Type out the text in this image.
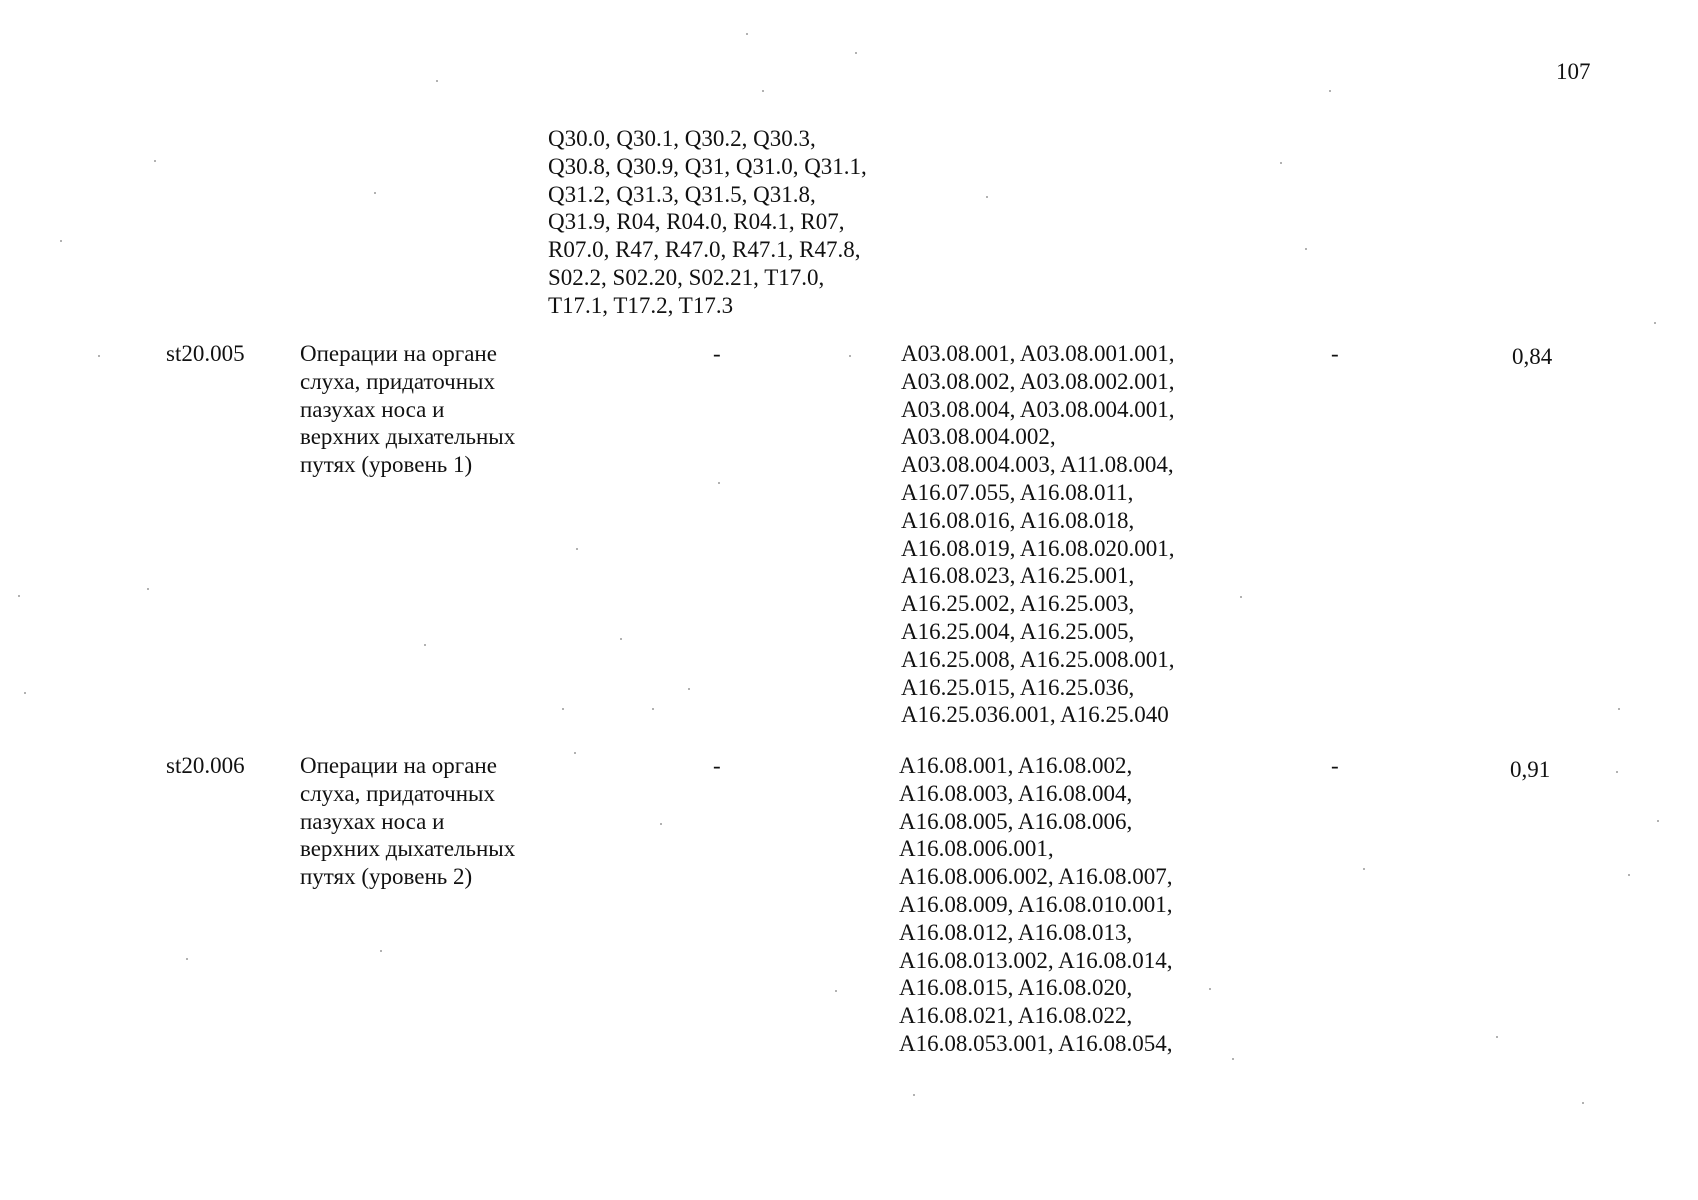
107
Q30.0, Q30.1, Q30.2, Q30.3,
Q30.8, Q30.9, Q31, Q31.0, Q31.1,
Q31.2, Q31.3, Q31.5, Q31.8,
Q31.9, R04, R04.0, R04.1, R07,
R07.0, R47, R47.0, R47.1, R47.8,
S02.2, S02.20, S02.21, T17.0,
T17.1, T17.2, T17.3
st20.005 Операции на органе
слуха, придаточных
пазухах носа и
верхних дыхательных
путях (уровень 1)
-	A03.08.001, A03.08.001.001,
A03.08.002, A03.08.002.001,
A03.08.004, A03.08.004.001,
A03.08.004.002,
A03.08.004.003, A11.08.004,
A16.07.055, A16.08.011,
A16.08.016, A16.08.018,
A16.08.019, A16.08.020.001,
A16.08.023, A16.25.001,
A16.25.002, A16.25.003,
A16.25.004, A16.25.005,
A16.25.008, A16.25.008.001,
A16.25.015, A16.25.036,
A16.25.036.001, A16.25.040
-	0,84
st20.006 Операции на органе
слуха, придаточных
пазухах носа и
верхних дыхательных
путях (уровень 2)
-	A16.08.001, A16.08.002,
A16.08.003, A16.08.004,
A16.08.005, A16.08.006,
A16.08.006.001,
A16.08.006.002, A16.08.007,
A16.08.009, A16.08.010.001,
A16.08.012, A16.08.013,
A16.08.013.002, A16.08.014,
A16.08.015, A16.08.020,
A16.08.021, A16.08.022,
A16.08.053.001, A16.08.054,
-	0,91
